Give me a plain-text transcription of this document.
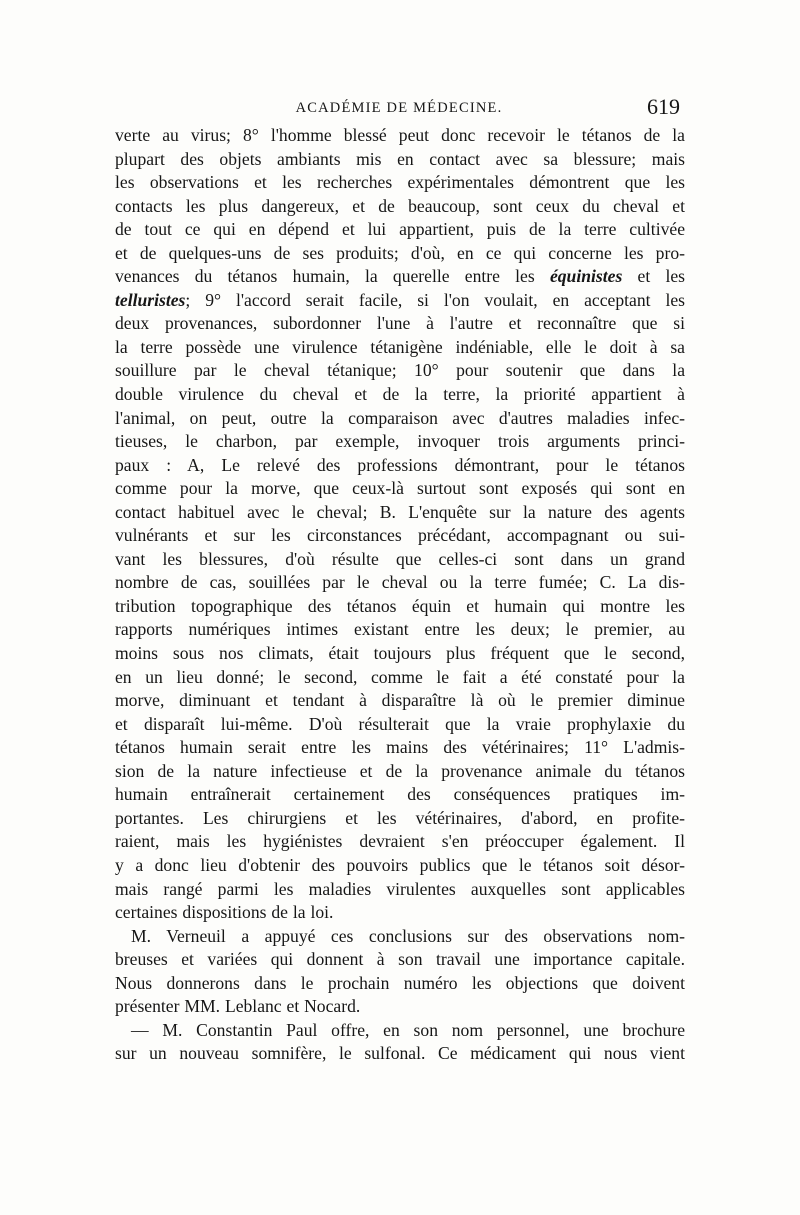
ACADÉMIE DE MÉDECINE.	619
verte au virus; 8° l'homme blessé peut donc recevoir le tétanos de la
plupart des objets ambiants mis en contact avec sa blessure; mais
les observations et les recherches expérimentales démontrent que les
contacts les plus dangereux, et de beaucoup, sont ceux du cheval et
de tout ce qui en dépend et lui appartient, puis de la terre cultivée
et de quelques-uns de ses produits; d'où, en ce qui concerne les pro-
venances du tétanos humain, la querelle entre les équinistes et les
telluristes; 9° l'accord serait facile, si l'on voulait, en acceptant les
deux provenances, subordonner l'une à l'autre et reconnaître que si
la terre possède une virulence tétanigène indéniable, elle le doit à sa
souillure par le cheval tétanique; 10° pour soutenir que dans la
double virulence du cheval et de la terre, la priorité appartient à
l'animal, on peut, outre la comparaison avec d'autres maladies infec-
tieuses, le charbon, par exemple, invoquer trois arguments princi-
paux : A, Le relevé des professions démontrant, pour le tétanos
comme pour la morve, que ceux-là surtout sont exposés qui sont en
contact habituel avec le cheval; B. L'enquête sur la nature des agents
vulnérants et sur les circonstances précédant, accompagnant ou sui-
vant les blessures, d'où résulte que celles-ci sont dans un grand
nombre de cas, souillées par le cheval ou la terre fumée; C. La dis-
tribution topographique des tétanos équin et humain qui montre les
rapports numériques intimes existant entre les deux; le premier, au
moins sous nos climats, était toujours plus fréquent que le second,
en un lieu donné; le second, comme le fait a été constaté pour la
morve, diminuant et tendant à disparaître là où le premier diminue
et disparaît lui-même. D'où résulterait que la vraie prophylaxie du
tétanos humain serait entre les mains des vétérinaires; 11° L'admis-
sion de la nature infectieuse et de la provenance animale du tétanos
humain entraînerait certainement des conséquences pratiques im-
portantes. Les chirurgiens et les vétérinaires, d'abord, en profite-
raient, mais les hygiénistes devraient s'en préoccuper également. Il
y a donc lieu d'obtenir des pouvoirs publics que le tétanos soit désor-
mais rangé parmi les maladies virulentes auxquelles sont applicables
certaines dispositions de la loi.
M. Verneuil a appuyé ces conclusions sur des observations nom-
breuses et variées qui donnent à son travail une importance capitale.
Nous donnerons dans le prochain numéro les objections que doivent
présenter MM. Leblanc et Nocard.
— M. Constantin Paul offre, en son nom personnel, une brochure
sur un nouveau somnifère, le sulfonal. Ce médicament qui nous vient
